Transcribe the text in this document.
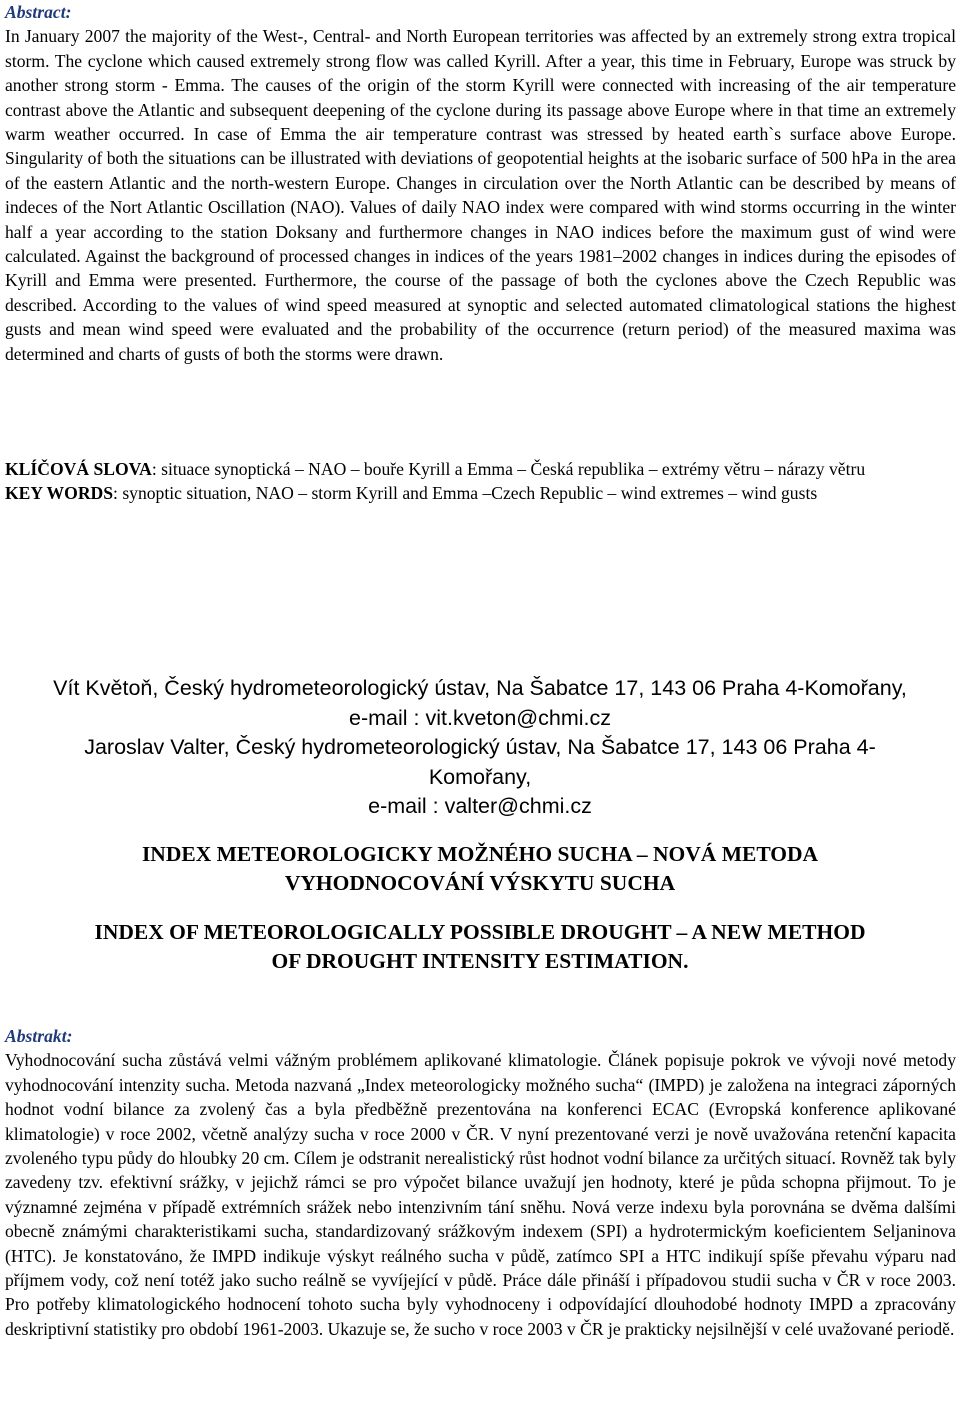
Abstract:

In January 2007 the majority of the West-, Central- and North European territories was affected by an extremely strong extra tropical storm. The cyclone which caused extremely strong flow was called Kyrill. After a year, this time in February, Europe was struck by another strong storm - Emma. The causes of the origin of the storm Kyrill were connected with increasing of the air temperature contrast above the Atlantic and subsequent deepening of the cyclone during its passage above Europe where in that time an extremely warm weather occurred. In case of Emma the air temperature contrast was stressed by heated earth`s surface above Europe. Singularity of both the situations can be illustrated with deviations of geopotential heights at the isobaric surface of 500 hPa in the area of the eastern Atlantic and the north-western Europe. Changes in circulation over the North Atlantic can be described by means of indeces of the Nort Atlantic Oscillation (NAO). Values of daily NAO index were compared with wind storms occurring in the winter half a year according to the station Doksany and furthermore changes in NAO indices before the maximum gust of wind were calculated. Against the background of processed changes in indices of the years 1981–2002 changes in indices during the episodes of Kyrill and Emma were presented. Furthermore, the course of the passage of both the cyclones above the Czech Republic was described. According to the values of wind speed measured at synoptic and selected automated climatological stations the highest gusts and mean wind speed were evaluated and the probability of the occurrence (return period) of the measured maxima was determined and charts of gusts of both the storms were drawn.

KLÍČOVÁ SLOVA: situace synoptická – NAO – bouře Kyrill a Emma – Česká republika – extrémy větru – nárazy větru

KEY WORDS: synoptic situation, NAO – storm Kyrill and Emma –Czech Republic – wind extremes – wind gusts

Vít Květoň, Český hydrometeorologický ústav, Na Šabatce 17, 143 06 Praha 4-Komořany,
e-mail : vit.kveton@chmi.cz
Jaroslav Valter, Český hydrometeorologický ústav, Na Šabatce 17, 143 06 Praha 4-
Komořany,
e-mail : valter@chmi.cz
INDEX METEOROLOGICKY MOŽNÉHO SUCHA – NOVÁ METODA
VYHODNOCOVÁNÍ VÝSKYTU SUCHA
INDEX OF METEOROLOGICALLY POSSIBLE DROUGHT – A NEW METHOD
OF DROUGHT INTENSITY ESTIMATION.
Abstrakt:

Vyhodnocování sucha zůstává velmi vážným problémem aplikované klimatologie. Článek popisuje pokrok ve vývoji nové metody vyhodnocování intenzity sucha. Metoda nazvaná „Index meteorologicky možného sucha“ (IMPD) je založena na integraci záporných hodnot vodní bilance za zvolený čas a byla předběžně prezentována na konferenci ECAC (Evropská konference aplikované klimatologie) v roce 2002, včetně analýzy sucha v roce 2000 v ČR. V nyní prezentované verzi je nově uvažována retenční kapacita zvoleného typu půdy do hloubky 20 cm. Cílem je odstranit nerealistický růst hodnot vodní bilance za určitých situací. Rovněž tak byly zavedeny tzv. efektivní srážky, v jejichž rámci se pro výpočet bilance uvažují jen hodnoty, které je půda schopna přijmout. To je významné zejména v případě extrémních srážek nebo intenzivním tání sněhu. Nová verze indexu byla porovnána se dvěma dalšími obecně známými charakteristikami sucha, standardizovaný srážkovým indexem (SPI) a hydrotermickým koeficientem Seljaninova (HTC). Je konstatováno, že IMPD indikuje výskyt reálného sucha v půdě, zatímco SPI a HTC indikují spíše převahu výparu nad příjmem vody, což není totéž jako sucho reálně se vyvíjející v půdě. Práce dále přináší i případovou studii sucha v ČR v roce 2003. Pro potřeby klimatologického hodnocení tohoto sucha byly vyhodnoceny i odpovídající dlouhodobé hodnoty IMPD a zpracovány deskriptivní statistiky pro období 1961-2003. Ukazuje se, že sucho v roce 2003 v ČR je prakticky nejsilnější v celé uvažované periodě.
